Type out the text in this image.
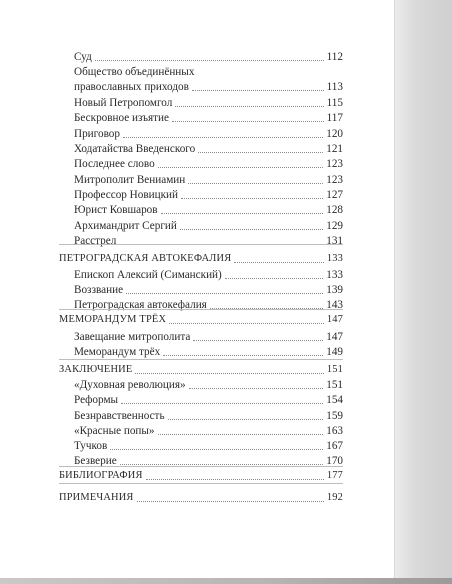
Суд	112
Общество объединённых
православных приходов	113
Новый Петропомгол	115
Бескровное изъятие	117
Приговор	120
Ходатайства Введенского	121
Последнее слово	123
Митрополит Вениамин	123
Профессор Новицкий	127
Юрист Ковшаров	128
Архимандрит Сергий	129
Расстрел	131
ПЕТРОГРАДСКАЯ АВТОКЕФАЛИЯ	133
Епископ Алексий (Симанский)	133
Воззвание	139
Петроградская автокефалия	143
МЕМОРАНДУМ ТРЁХ	147
Завещание митрополита	147
Меморандум трёх	149
ЗАКЛЮЧЕНИЕ	151
«Духовная революция»	151
Реформы	154
Безнравственность	159
«Красные попы»	163
Тучков	167
Безверие	170
БИБЛИОГРАФИЯ	177
ПРИМЕЧАНИЯ	192
